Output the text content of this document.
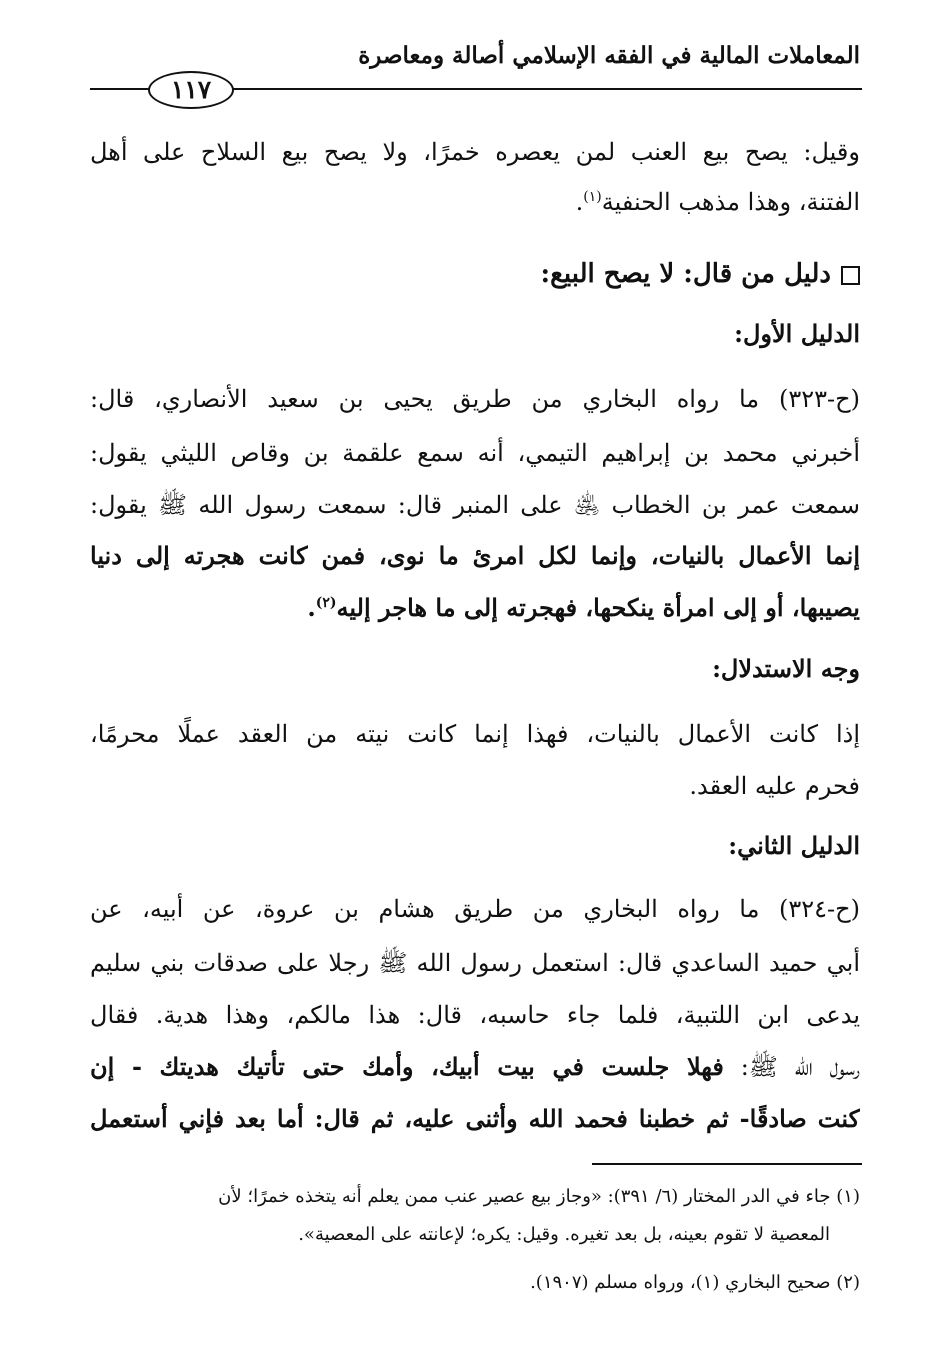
المعاملات المالية في الفقه الإسلامي أصالة ومعاصرة
١١٧
وقيل: يصح بيع العنب لمن يعصره خمرًا، ولا يصح بيع السلاح على أهل
الفتنة، وهذا مذهب الحنفية$^{(١)}$.
دليل من قال: لا يصح البيع:
الدليل الأول:
(ح-٣٢٣) ما رواه البخاري من طريق يحيى بن سعيد الأنصاري، قال:
أخبرني محمد بن إبراهيم التيمي، أنه سمع علقمة بن وقاص الليثي يقول:
سمعت عمر بن الخطاب ﵁ على المنبر قال: سمعت رسول الله ﷺ يقول:
إنما الأعمال بالنيات، وإنما لكل امرئ ما نوى، فمن كانت هجرته إلى دنيا
يصيبها، أو إلى امرأة ينكحها، فهجرته إلى ما هاجر إليه$^{(٢)}$.
وجه الاستدلال:
إذا كانت الأعمال بالنيات، فهذا إنما كانت نيته من العقد عملًا محرمًا،
فحرم عليه العقد.
الدليل الثاني:
(ح-٣٢٤) ما رواه البخاري من طريق هشام بن عروة، عن أبيه، عن
أبي حميد الساعدي قال: استعمل رسول الله ﷺ رجلا على صدقات بني سليم
يدعى ابن اللتبية، فلما جاء حاسبه، قال: هذا مالكم، وهذا هدية. فقال
رسول الله ﷺ: فهلا جلست في بيت أبيك، وأمك حتى تأتيك هديتك - إن
كنت صادقًا- ثم خطبنا فحمد الله وأثنى عليه، ثم قال: أما بعد فإني أستعمل
(١) جاء في الدر المختار (٦/ ٣٩١): «وجاز بيع عصير عنب ممن يعلم أنه يتخذه خمرًا؛ لأن
المعصية لا تقوم بعينه، بل بعد تغيره. وقيل: يكره؛ لإعانته على المعصية».
(٢) صحيح البخاري (١)، ورواه مسلم (١٩٠٧).
